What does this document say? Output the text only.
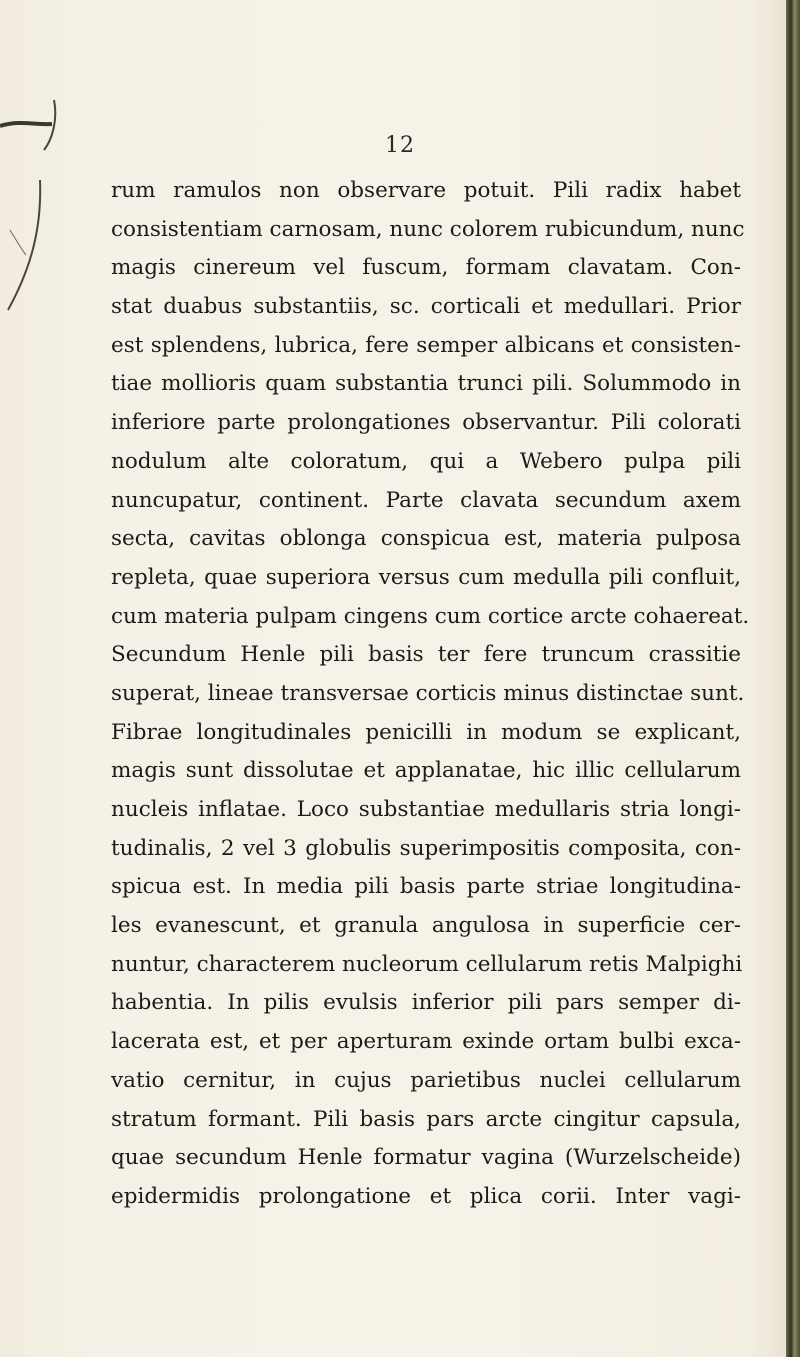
12
rum ramulos non observare potuit. Pili radix habet
consistentiam carnosam, nunc colorem rubicundum, nunc
magis cinereum vel fuscum, formam clavatam. Con-
stat duabus substantiis, sc. corticali et medullari. Prior
est splendens, lubrica, fere semper albicans et consisten-
tiae mollioris quam substantia trunci pili. Solummodo in
inferiore parte prolongationes observantur. Pili colorati
nodulum alte coloratum, qui a Webero pulpa pili
nuncupatur, continent. Parte clavata secundum axem
secta, cavitas oblonga conspicua est, materia pulposa
repleta, quae superiora versus cum medulla pili confluit,
cum materia pulpam cingens cum cortice arcte cohaereat.
Secundum Henle pili basis ter fere truncum crassitie
superat, lineae transversae corticis minus distinctae sunt.
Fibrae longitudinales penicilli in modum se explicant,
magis sunt dissolutae et applanatae, hic illic cellularum
nucleis inflatae. Loco substantiae medullaris stria longi-
tudinalis, 2 vel 3 globulis superimpositis composita, con-
spicua est. In media pili basis parte striae longitudina-
les evanescunt, et granula angulosa in superficie cer-
nuntur, characterem nucleorum cellularum retis Malpighi
habentia. In pilis evulsis inferior pili pars semper di-
lacerata est, et per aperturam exinde ortam bulbi exca-
vatio cernitur, in cujus parietibus nuclei cellularum
stratum formant. Pili basis pars arcte cingitur capsula,
quae secundum Henle formatur vagina (Wurzelscheide)
epidermidis prolongatione et plica corii. Inter vagi-
